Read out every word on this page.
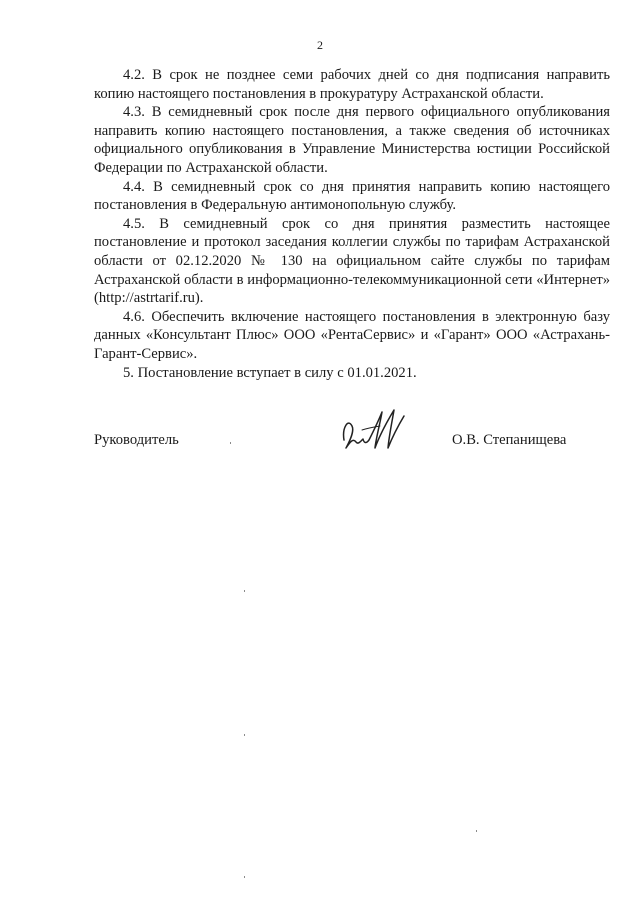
2

4.2. В срок не позднее семи рабочих дней со дня подписания направить копию настоящего постановления в прокуратуру Астраханской области.

4.3. В семидневный срок после дня первого официального опубликования направить копию настоящего постановления, а также сведения об источниках официального опубликования в Управление Министерства юстиции Российской Федерации по Астраханской области.

4.4. В семидневный срок со дня принятия направить копию настоящего постановления в Федеральную антимонопольную службу.

4.5. В семидневный срок со дня принятия разместить настоящее постановление и протокол заседания коллегии службы по тарифам Астраханской области от 02.12.2020 № 130 на официальном сайте службы по тарифам Астраханской области в информационно-телекоммуникационной сети «Интернет» (http://astrtarif.ru).

4.6. Обеспечить включение настоящего постановления в электронную базу данных «Консультант Плюс» ООО «РентаСервис» и «Гарант» ООО «Астрахань-Гарант-Сервис».

5. Постановление вступает в силу с 01.01.2021.

Руководитель	О.В. Степанищева
